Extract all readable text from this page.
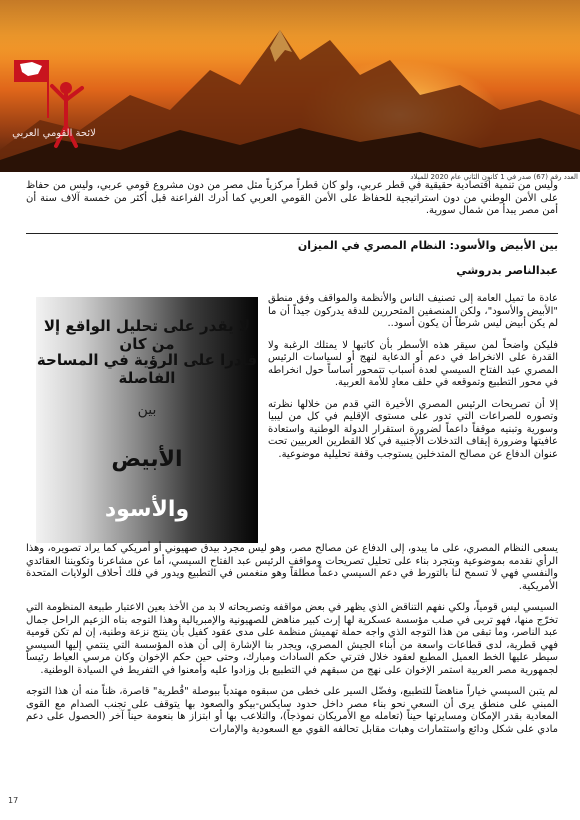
لائحة القومي العربي
العدد رقم (67) صدر في 1 كانون الثاني عام 2020 للميلاد
وليس من تنمية اقتصادية حقيقية في قطر عربي، ولو كان قطراً مركزياً مثل مصر من دون مشروع قومي عربي، وليس من حفاظ على الأمن الوطني من دون استراتيجية للحفاظ على الأمن القومي العربي كما أدرك الفراعنة قبل أكثر من خمسة آلاف سنة أن أمن مصر يبدأ من شمال سورية.
بين الأبيض والأسود: النظام المصري في الميزان
عبدالناصر بدروشي
لا يقدر على تحليل الواقع إلا من كان
قادرا على الرؤية في المساحة الفاصلة
بين
الأبيض
والأسود

عادة ما تميل العامة إلى تصنيف الناس والأنظمة والمواقف وفق منطق "الأبيض والأسود"، ولكن المنصفين المتحررين للدقة يدركون جيداً أن ما لم يكن أبيض ليس شرطاً أن يكون أسود..

فليكن واضحاً لمن سيقر هذه الأسطر بأن كاتبها لا يمتلك الرغبة ولا القدرة على الانخراط في دعم أو الدعاية لنهج أو لسياسات الرئيس المصري عبد الفتاح السيسي لعدة أسباب تتمحور أساساً حول انخراطه في محور التطبيع وتموقعه في حلف معادٍ للأمة العربية.

إلا أن تصريحات الرئيس المصري الأخيرة التي قدم من خلالها نظرته وتصوره للصراعات التي تدور على مستوى الإقليم في كل من ليبيا وسورية وتبنيه موقفاً داعماً لضرورة استقرار الدولة الوطنية واستعادة عافيتها وضرورة إيقاف التدخلات الأجنبية في كلا القطرين العربيين تحت عنوان الدفاع عن مصالح المتدخلين يستوجب وقفة تحليلية موضوعية.

يسعى النظام المصري، على ما يبدو، إلى الدفاع عن مصالح مصر، وهو ليس مجرد بيدق صهيوني أو أمريكي كما يراد تصويره، وهذا الرأي نقدمه بموضوعية وبتجرد بناء على تحليل تصريحات ومواقف الرئيس عبد الفتاح السيسي، أما عن مشاعرنا وتكويننا العقائدي والنفسي فهي لا تسمح لنا بالتورط في دعم السيسي دعماً مطلقاً وهو منغمس في التطبيع ويدور في فلك أحلاف الولايات المتحدة الأمريكية.

السيسي ليس قومياً، ولكي نفهم التناقض الذي يظهر في بعض مواقفه وتصريحاته لا بد من الأخذ بعين الاعتبار طبيعة المنظومة التي تخرّج منها، فهو تربى في صلب مؤسسة عسكرية لها إرث كبير مناهض للصهيونية والإمبريالية وهذا التوجه بناه الزعيم الراحل جمال عبد الناصر، وما تبقى من هذا التوجه الذي واجه حملة تهميش منظمة على مدى عقود كفيل بأن ينتج نزعة وطنية، إن لم تكن قومية فهي قطرية، لدى قطاعات واسعة من أبناء الجيش المصري، ويجدر بنا الإشارة إلى أن هذه المؤسسة التي ينتمي إليها السيسي سيطر عليها الخط العميل المطبع لعقود خلال فترتي حكم السادات ومبارك، وحتى حين حكم الإخوان وكان مرسي العياط رئيساً لجمهورية مصر العربية استمر الإخوان على نهج من سبقهم في التطبيع بل وزادوا عليه وأمعنوا في التفريط في السيادة الوطنية.

لم يتبن السيسي خياراً مناهضاً للتطبيع، وفضّل السير على خطى من سبقوه مهتدياً ببوصلة "قُطرية" قاصرة، ظناً منه أن هذا التوجه المبني على منطق يرى أن السعي نحو بناء مصر داخل حدود سايكس-بيكو والصعود بها يتوقف على تجنب الصدام مع القوى المعادية بقدر الإمكان ومسايرتها حيناً (تعامله مع الأمريكان نموذجاً)، والتلاعب بها أو ابتزاز ها بنعومة حيناً آخر (الحصول على دعم مادي على شكل ودائع واستثمارات وهبات مقابل تحالفه القوي مع السعودية والإمارات

17
